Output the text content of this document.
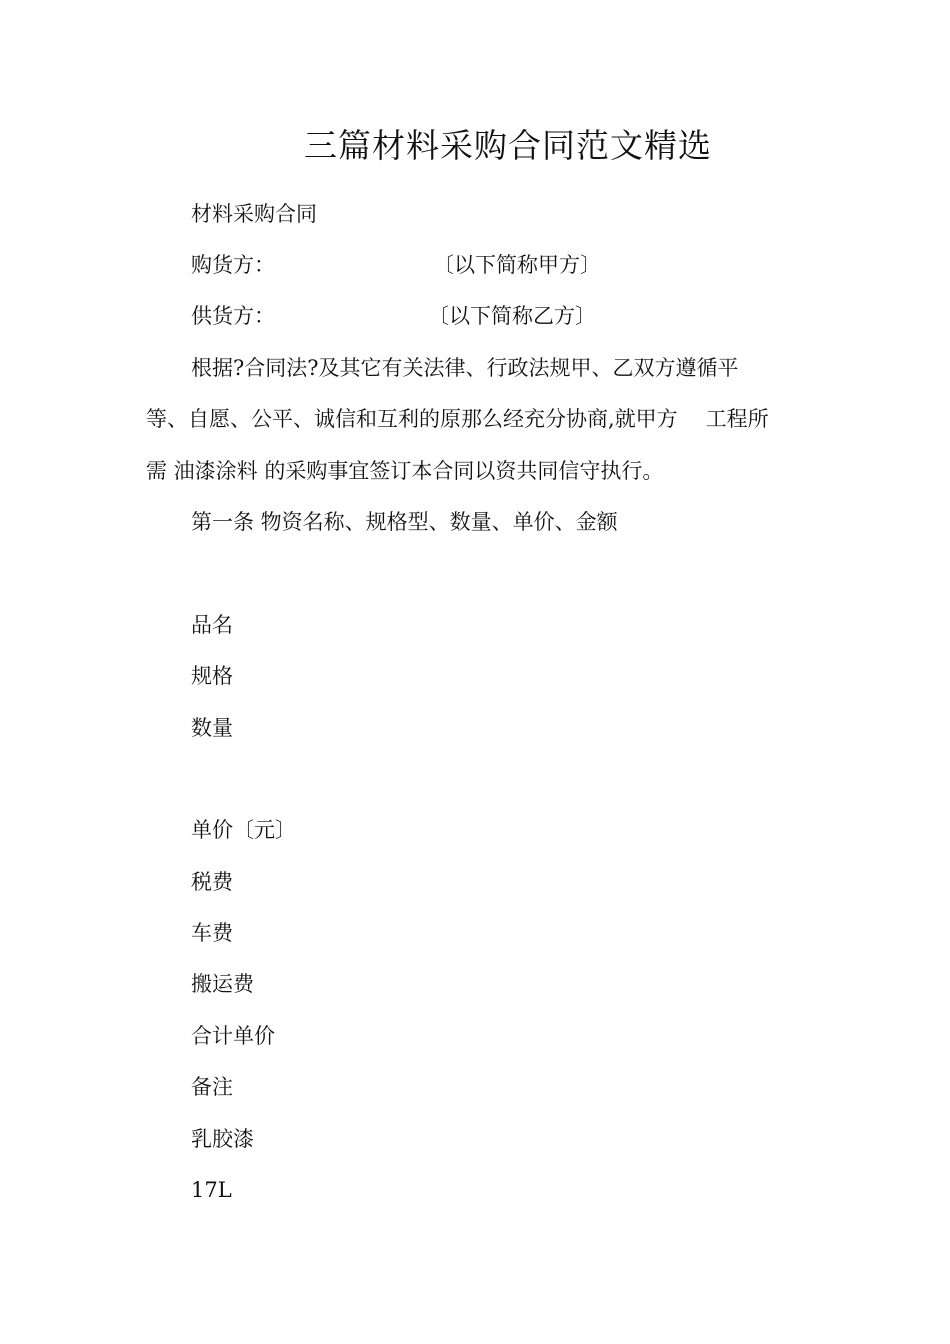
三篇材料采购合同范文精选

材料采购合同

购货方：	〔以下简称甲方〕

供货方：	〔以下简称乙方〕

根据?合同法?及其它有关法律、行政法规甲、乙双方遵循平

等、自愿、公平、诚信和互利的原那么经充分协商,就甲方 工程所

需 油漆涂料 的采购事宜签订本合同以资共同信守执行。

第一条 物资名称、规格型、数量、单价、金额

品名

规格

数量

单价〔元〕

税费

车费

搬运费

合计单价

备注

乳胶漆

17L
